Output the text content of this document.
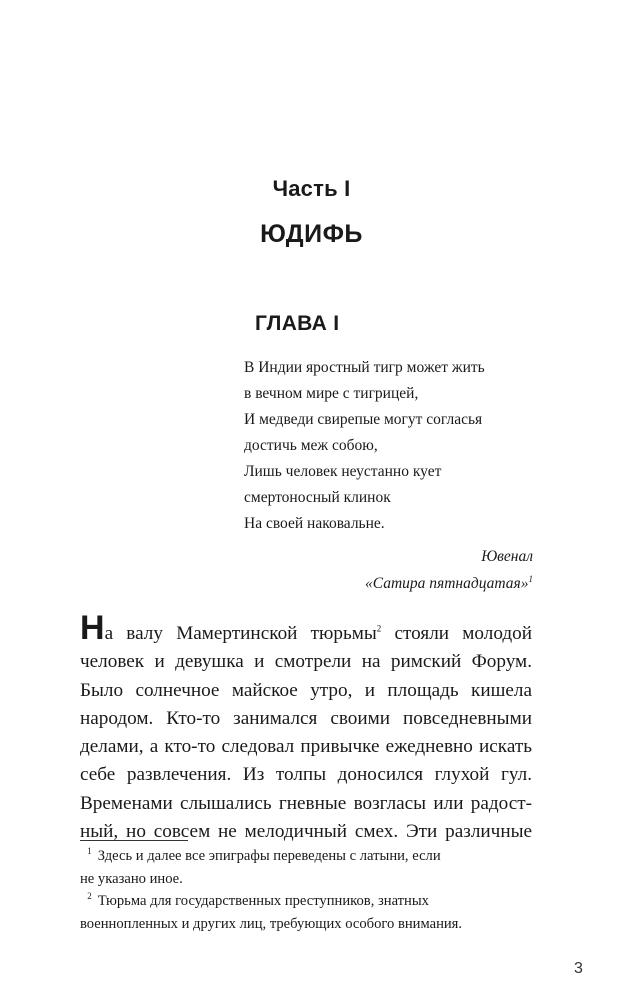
Часть I
ЮДИФЬ
ГЛАВА I
В Индии яростный тигр может жить
в вечном мире с тигрицей,
И медведи свирепые могут согласья
достичь меж собою,
Лишь человек неустанно кует
смертоносный клинок
На своей наковальне.
Ювенал
«Сатира пятнадцатая»$^1$
На валу Мамертинской тюрьмы$^2$ стояли молодой
человек и девушка и смотрели на римский Форум.
Было солнечное майское утро, и площадь кишела
народом. Кто-то занимался своими повседневными
делами, а кто-то следовал привычке ежедневно искать
себе развлечения. Из толпы доносился глухой гул.
Временами слышались гневные возгласы или радост-
ный, но совсем не мелодичный смех. Эти различные
$^1$ Здесь и далее все эпиграфы переведены с латыни, если
не указано иное.
$^2$ Тюрьма для государственных преступников, знатных
военнопленных и других лиц, требующих особого внимания.
3
